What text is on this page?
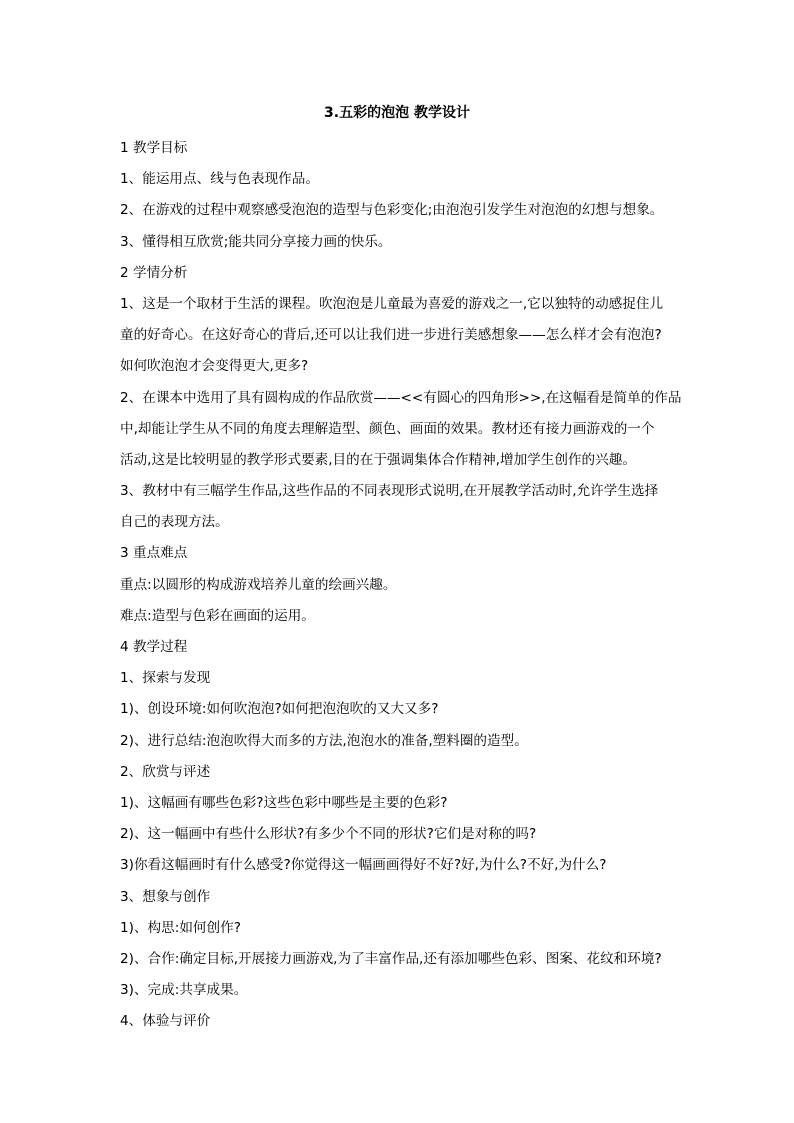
3.五彩的泡泡 教学设计
1 教学目标
1、能运用点、线与色表现作品。
2、在游戏的过程中观察感受泡泡的造型与色彩变化;由泡泡引发学生对泡泡的幻想与想象。
3、懂得相互欣赏;能共同分享接力画的快乐。
2 学情分析
1、这是一个取材于生活的课程。吹泡泡是儿童最为喜爱的游戏之一,它以独特的动感捉住儿
童的好奇心。在这好奇心的背后,还可以让我们进一步进行美感想象——怎么样才会有泡泡?
如何吹泡泡才会变得更大,更多?
2、在课本中选用了具有圆构成的作品欣赏——<<有圆心的四角形>>,在这幅看是简单的作品
中,却能让学生从不同的角度去理解造型、颜色、画面的效果。教材还有接力画游戏的一个
活动,这是比较明显的教学形式要素,目的在于强调集体合作精神,增加学生创作的兴趣。
3、教材中有三幅学生作品,这些作品的不同表现形式说明,在开展教学活动时,允许学生选择
自己的表现方法。
3 重点难点
重点:以圆形的构成游戏培养儿童的绘画兴趣。
难点:造型与色彩在画面的运用。
4 教学过程
1、探索与发现
1)、创设环境:如何吹泡泡?如何把泡泡吹的又大又多?
2)、进行总结:泡泡吹得大而多的方法,泡泡水的准备,塑料圈的造型。
2、欣赏与评述
1)、这幅画有哪些色彩?这些色彩中哪些是主要的色彩?
2)、这一幅画中有些什么形状?有多少个不同的形状?它们是对称的吗?
3)你看这幅画时有什么感受?你觉得这一幅画画得好不好?好,为什么?不好,为什么?
3、想象与创作
1)、构思:如何创作?
2)、合作:确定目标,开展接力画游戏,为了丰富作品,还有添加哪些色彩、图案、花纹和环境?
3)、完成:共享成果。
4、体验与评价
